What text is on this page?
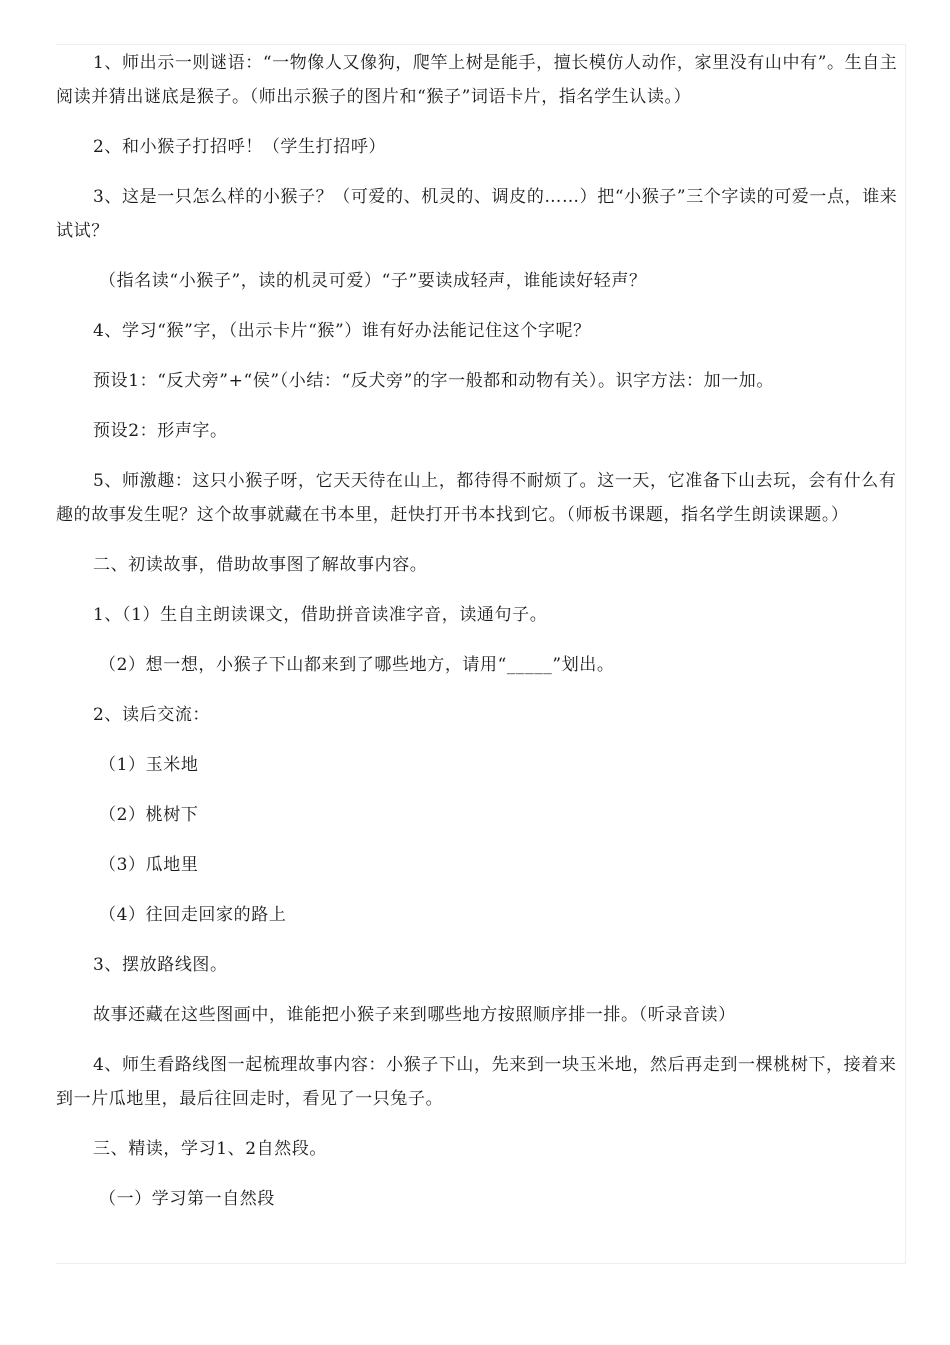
1、师出示一则谜语：“一物像人又像狗，爬竿上树是能手，擅长模仿人动作，家里没有山中有”。生自主阅读并猜出谜底是猴子。（师出示猴子的图片和“猴子”词语卡片，指名学生认读。）

2、和小猴子打招呼！（学生打招呼）

3、这是一只怎么样的小猴子？（可爱的、机灵的、调皮的……）把“小猴子”三个字读的可爱一点，谁来试试？

（指名读“小猴子”，读的机灵可爱）“子”要读成轻声，谁能读好轻声？

4、学习“猴”字，（出示卡片“猴”）谁有好办法能记住这个字呢？

预设1：“反犬旁”+“侯”（小结：“反犬旁”的字一般都和动物有关）。识字方法：加一加。

预设2：形声字。

5、师激趣：这只小猴子呀，它天天待在山上，都待得不耐烦了。这一天，它准备下山去玩，会有什么有趣的故事发生呢？这个故事就藏在书本里，赶快打开书本找到它。（师板书课题，指名学生朗读课题。）

二、初读故事，借助故事图了解故事内容。

1、（1）生自主朗读课文，借助拼音读准字音，读通句子。

（2）想一想，小猴子下山都来到了哪些地方，请用“_____”划出。

2、读后交流：

（1）玉米地

（2）桃树下

（3）瓜地里

（4）往回走回家的路上

3、摆放路线图。

故事还藏在这些图画中，谁能把小猴子来到哪些地方按照顺序排一排。（听录音读）

4、师生看路线图一起梳理故事内容：小猴子下山，先来到一块玉米地，然后再走到一棵桃树下，接着来到一片瓜地里，最后往回走时，看见了一只兔子。

三、精读，学习1、2自然段。

（一）学习第一自然段
